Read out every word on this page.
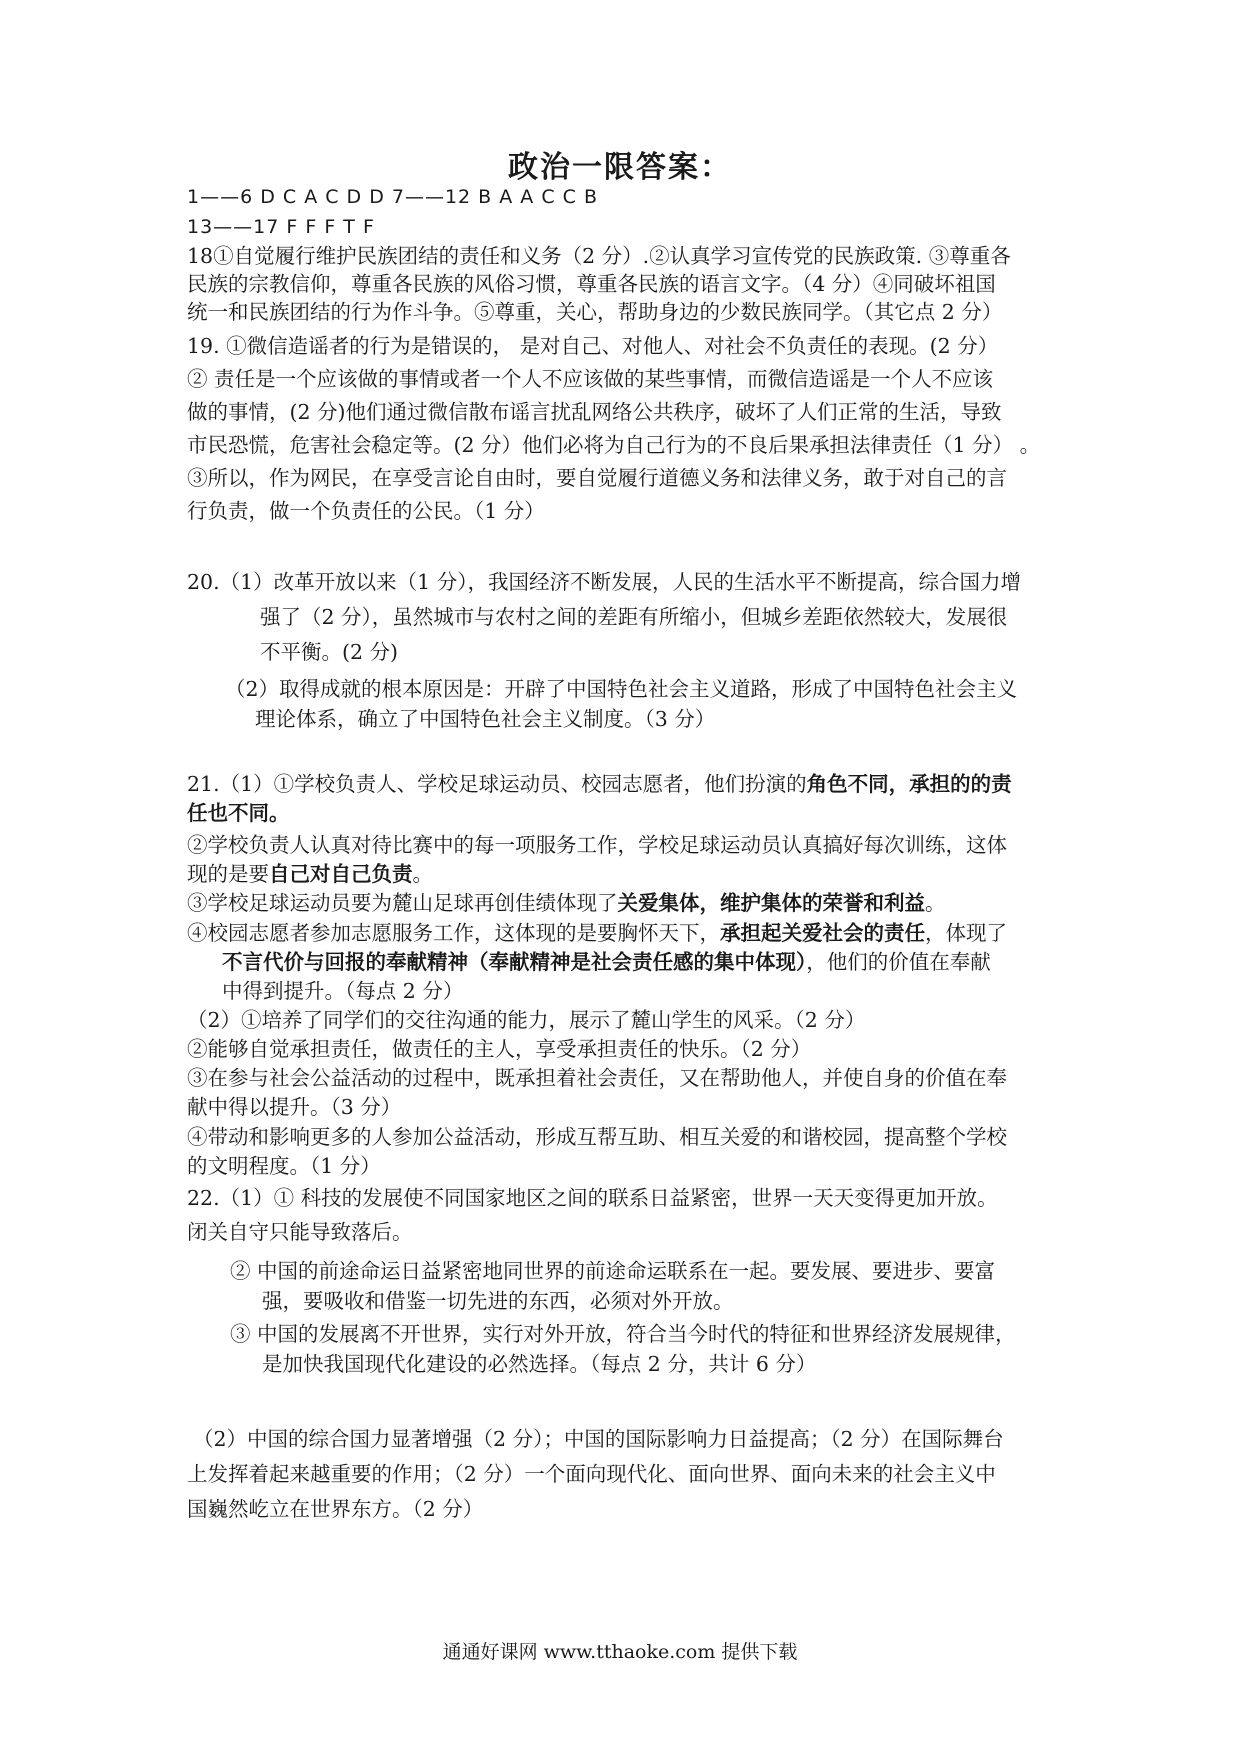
政治一限答案：
1——6 D C A C D D 7——12 B A A C C B
13——17 F F F T F
18①自觉履行维护民族团结的责任和义务（2 分）.②认真学习宣传党的民族政策. ③尊重各
民族的宗教信仰，尊重各民族的风俗习惯，尊重各民族的语言文字。（4 分）④同破坏祖国
统一和民族团结的行为作斗争。⑤尊重，关心，帮助身边的少数民族同学。（其它点 2 分）
19. ①微信造谣者的行为是错误的， 是对自己、对他人、对社会不负责任的表现。(2 分）
② 责任是一个应该做的事情或者一个人不应该做的某些事情，而微信造谣是一个人不应该
做的事情，(2 分)他们通过微信散布谣言扰乱网络公共秩序，破坏了人们正常的生活，导致
市民恐慌，危害社会稳定等。(2 分）他们必将为自己行为的不良后果承担法律责任（1 分） 。
③所以，作为网民，在享受言论自由时，要自觉履行道德义务和法律义务，敢于对自己的言
行负责，做一个负责任的公民。（1 分）
20.（1）改革开放以来（1 分），我国经济不断发展，人民的生活水平不断提高，综合国力增
强了（2 分），虽然城市与农村之间的差距有所缩小，但城乡差距依然较大，发展很
不平衡。(2 分)
（2）取得成就的根本原因是：开辟了中国特色社会主义道路，形成了中国特色社会主义
理论体系，确立了中国特色社会主义制度。（3 分）
21.（1）①学校负责人、学校足球运动员、校园志愿者，他们扮演的角色不同，承担的的责
任也不同。
②学校负责人认真对待比赛中的每一项服务工作，学校足球运动员认真搞好每次训练，这体
现的是要自己对自己负责。
③学校足球运动员要为麓山足球再创佳绩体现了关爱集体，维护集体的荣誉和利益。
④校园志愿者参加志愿服务工作，这体现的是要胸怀天下，承担起关爱社会的责任，体现了
不言代价与回报的奉献精神（奉献精神是社会责任感的集中体现），他们的价值在奉献
中得到提升。（每点 2 分）
（2）①培养了同学们的交往沟通的能力，展示了麓山学生的风采。（2 分）
②能够自觉承担责任，做责任的主人，享受承担责任的快乐。（2 分）
③在参与社会公益活动的过程中，既承担着社会责任，又在帮助他人，并使自身的价值在奉
献中得以提升。（3 分）
④带动和影响更多的人参加公益活动，形成互帮互助、相互关爱的和谐校园，提高整个学校
的文明程度。（1 分）
22.（1）① 科技的发展使不同国家地区之间的联系日益紧密，世界一天天变得更加开放。
闭关自守只能导致落后。
② 中国的前途命运日益紧密地同世界的前途命运联系在一起。要发展、要进步、要富
强，要吸收和借鉴一切先进的东西，必须对外开放。
③ 中国的发展离不开世界，实行对外开放，符合当今时代的特征和世界经济发展规律，
是加快我国现代化建设的必然选择。（每点 2 分，共计 6 分）
（2）中国的综合国力显著增强（2 分）；中国的国际影响力日益提高；（2 分）在国际舞台
上发挥着起来越重要的作用；（2 分）一个面向现代化、面向世界、面向未来的社会主义中
国巍然屹立在世界东方。（2 分）
通通好课网 www.tthaoke.com 提供下载
